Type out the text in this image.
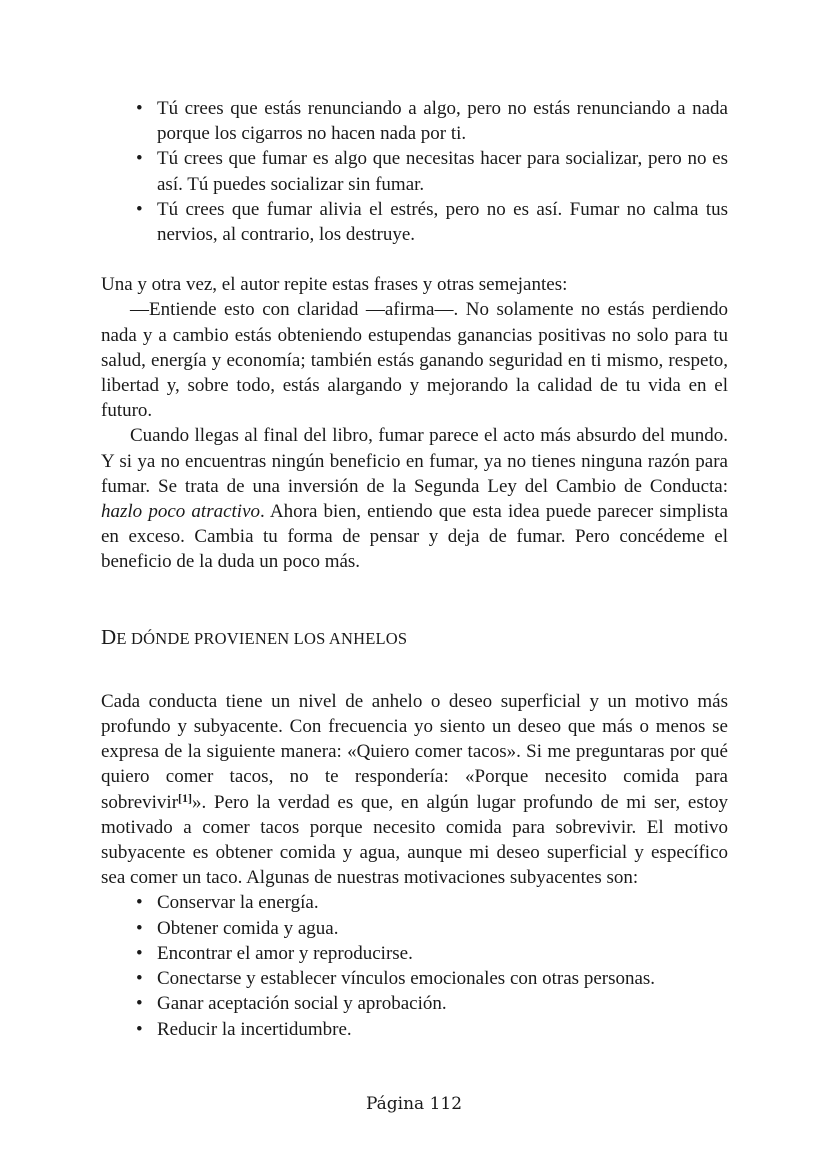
• Tú crees que estás renunciando a algo, pero no estás renunciando a nada porque los cigarros no hacen nada por ti.
• Tú crees que fumar es algo que necesitas hacer para socializar, pero no es así. Tú puedes socializar sin fumar.
• Tú crees que fumar alivia el estrés, pero no es así. Fumar no calma tus nervios, al contrario, los destruye.

Una y otra vez, el autor repite estas frases y otras semejantes:

—Entiende esto con claridad —afirma—. No solamente no estás perdiendo nada y a cambio estás obteniendo estupendas ganancias positivas no solo para tu salud, energía y economía; también estás ganando seguridad en ti mismo, respeto, libertad y, sobre todo, estás alargando y mejorando la calidad de tu vida en el futuro.

Cuando llegas al final del libro, fumar parece el acto más absurdo del mundo. Y si ya no encuentras ningún beneficio en fumar, ya no tienes ninguna razón para fumar. Se trata de una inversión de la Segunda Ley del Cambio de Conducta: hazlo poco atractivo. Ahora bien, entiendo que esta idea puede parecer simplista en exceso. Cambia tu forma de pensar y deja de fumar. Pero concédeme el beneficio de la duda un poco más.

DE DÓNDE PROVIENEN LOS ANHELOS

Cada conducta tiene un nivel de anhelo o deseo superficial y un motivo más profundo y subyacente. Con frecuencia yo siento un deseo que más o menos se expresa de la siguiente manera: «Quiero comer tacos». Si me preguntaras por qué quiero comer tacos, no te respondería: «Porque necesito comida para sobrevivir[1]». Pero la verdad es que, en algún lugar profundo de mi ser, estoy motivado a comer tacos porque necesito comida para sobrevivir. El motivo subyacente es obtener comida y agua, aunque mi deseo superficial y específico sea comer un taco. Algunas de nuestras motivaciones subyacentes son:

• Conservar la energía.
• Obtener comida y agua.
• Encontrar el amor y reproducirse.
• Conectarse y establecer vínculos emocionales con otras personas.
• Ganar aceptación social y aprobación.
• Reducir la incertidumbre.
Página 112
